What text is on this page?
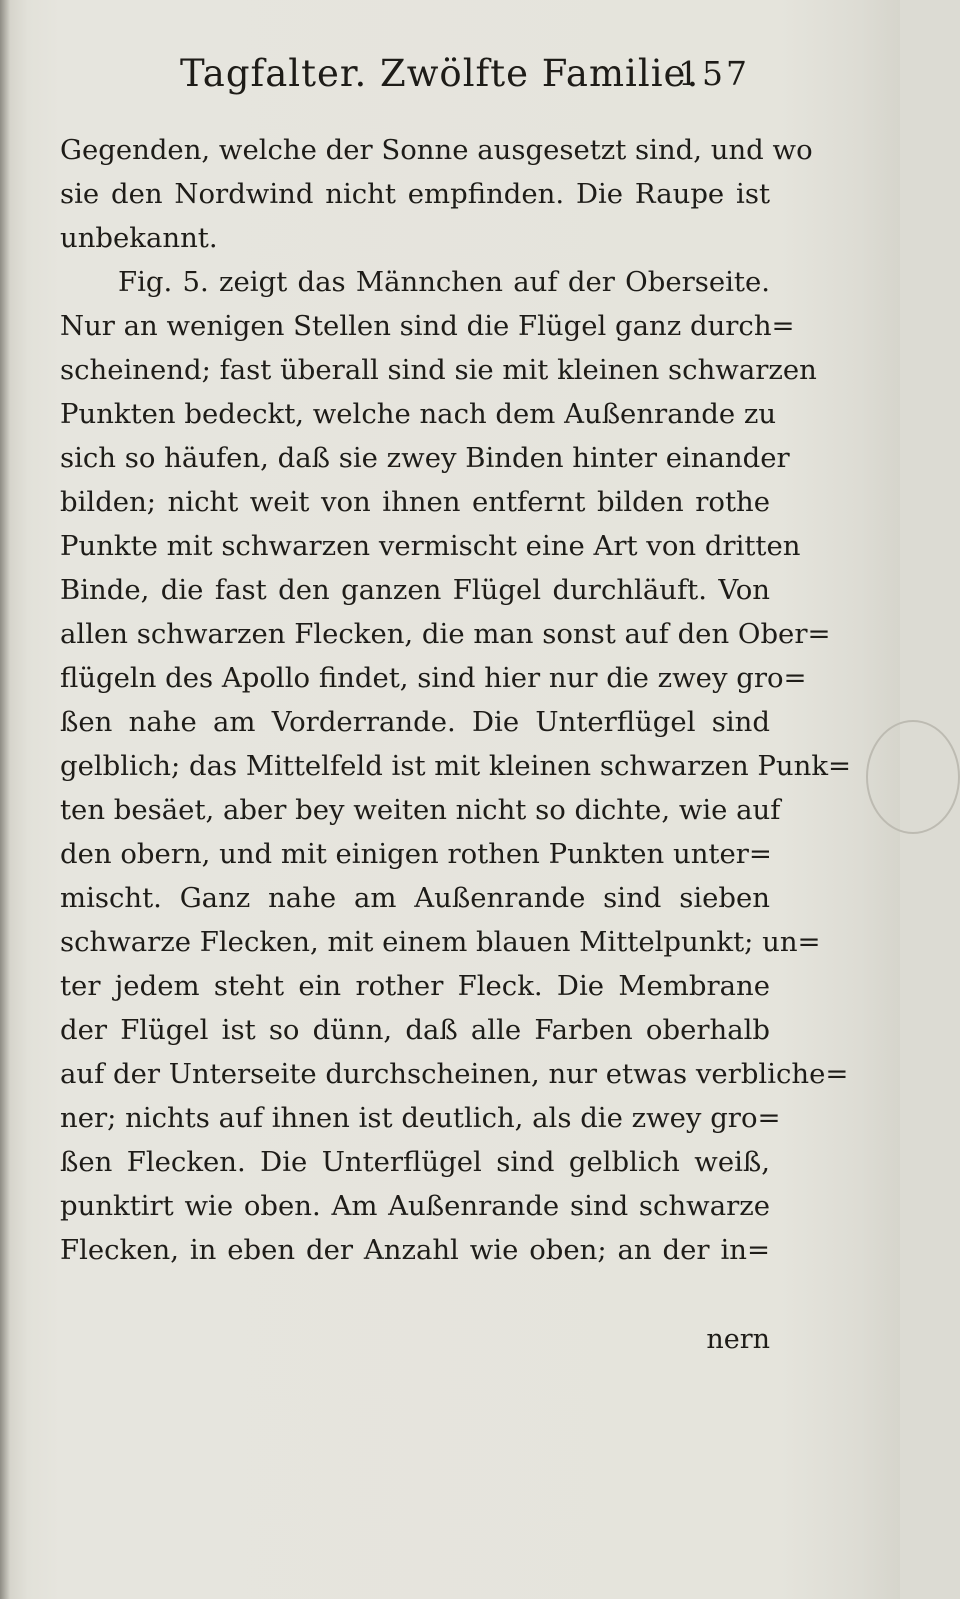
Tagfalter. Zwölfte Familie.
157
Gegenden, welche der Sonne ausgesetzt sind, und wo
sie den Nordwind nicht empfinden. Die Raupe ist
unbekannt.
Fig. 5. zeigt das Männchen auf der Oberseite.
Nur an wenigen Stellen sind die Flügel ganz durch=
scheinend; fast überall sind sie mit kleinen schwarzen
Punkten bedeckt, welche nach dem Außenrande zu
sich so häufen, daß sie zwey Binden hinter einander
bilden; nicht weit von ihnen entfernt bilden rothe
Punkte mit schwarzen vermischt eine Art von dritten
Binde, die fast den ganzen Flügel durchläuft. Von
allen schwarzen Flecken, die man sonst auf den Ober=
flügeln des Apollo findet, sind hier nur die zwey gro=
ßen nahe am Vorderrande. Die Unterflügel sind
gelblich; das Mittelfeld ist mit kleinen schwarzen Punk=
ten besäet, aber bey weiten nicht so dichte, wie auf
den obern, und mit einigen rothen Punkten unter=
mischt. Ganz nahe am Außenrande sind sieben
schwarze Flecken, mit einem blauen Mittelpunkt; un=
ter jedem steht ein rother Fleck. Die Membrane
der Flügel ist so dünn, daß alle Farben oberhalb
auf der Unterseite durchscheinen, nur etwas verbliche=
ner; nichts auf ihnen ist deutlich, als die zwey gro=
ßen Flecken. Die Unterflügel sind gelblich weiß,
punktirt wie oben. Am Außenrande sind schwarze
Flecken, in eben der Anzahl wie oben; an der in=
nern
